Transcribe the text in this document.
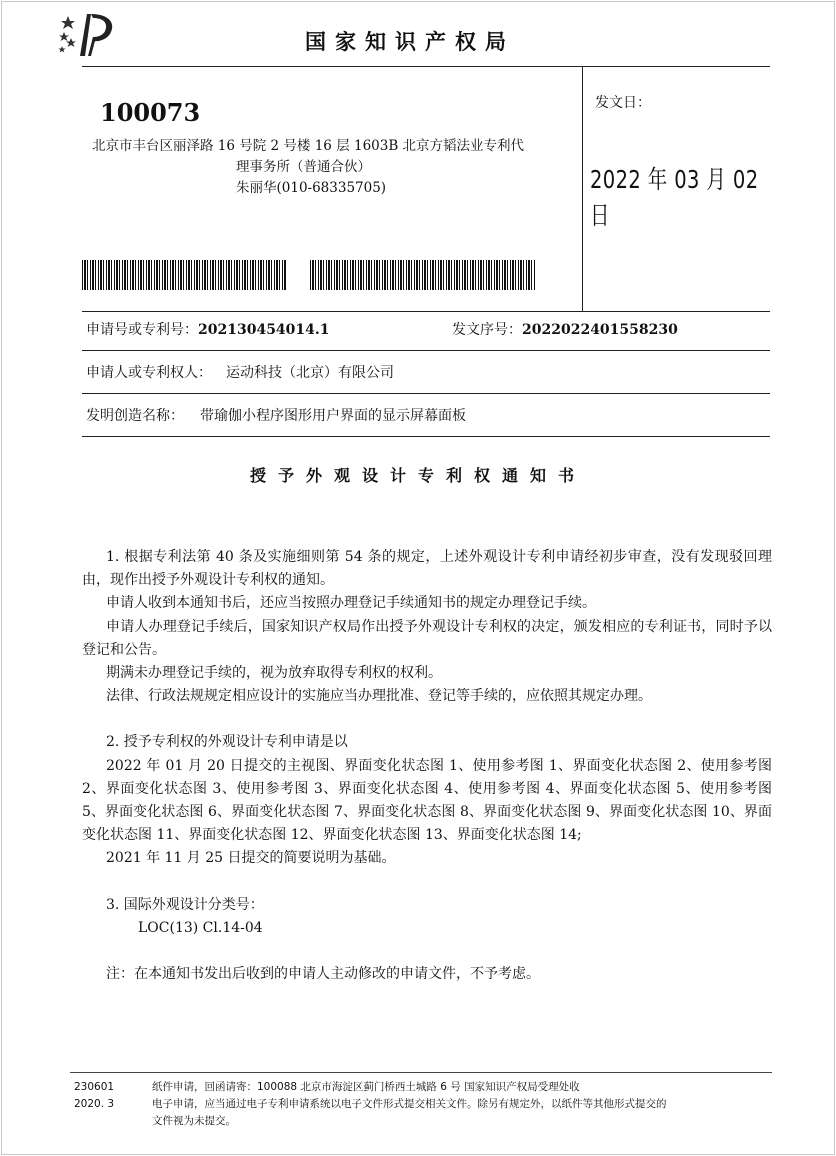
国家知识产权局
100073
北京市丰台区丽泽路 16 号院 2 号楼 16 层 1603B 北京方韬法业专利代
理事务所（普通合伙）
朱丽华(010-68335705)
发文日：
2022 年 03 月 02 日
申请号或专利号：202130454014.1	发文序号：2022022401558230
申请人或专利权人： 运动科技（北京）有限公司
发明创造名称： 带瑜伽小程序图形用户界面的显示屏幕面板
授予外观设计专利权通知书

1. 根据专利法第 40 条及实施细则第 54 条的规定，上述外观设计专利申请经初步审查，没有发现驳回理由，现作出授予外观设计专利权的通知。

申请人收到本通知书后，还应当按照办理登记手续通知书的规定办理登记手续。

申请人办理登记手续后，国家知识产权局作出授予外观设计专利权的决定，颁发相应的专利证书，同时予以登记和公告。

期满未办理登记手续的，视为放弃取得专利权的权利。

法律、行政法规规定相应设计的实施应当办理批准、登记等手续的，应依照其规定办理。

2. 授予专利权的外观设计专利申请是以

2022 年 01 月 20 日提交的主视图、界面变化状态图 1、使用参考图 1、界面变化状态图 2、使用参考图 2、界面变化状态图 3、使用参考图 3、界面变化状态图 4、使用参考图 4、界面变化状态图 5、使用参考图 5、界面变化状态图 6、界面变化状态图 7、界面变化状态图 8、界面变化状态图 9、界面变化状态图 10、界面变化状态图 11、界面变化状态图 12、界面变化状态图 13、界面变化状态图 14;

2021 年 11 月 25 日提交的简要说明为基础。

3. 国际外观设计分类号：

LOC(13) Cl.14-04

注：在本通知书发出后收到的申请人主动修改的申请文件，不予考虑。

230601
2020. 3
纸件申请，回函请寄：100088 北京市海淀区蓟门桥西土城路 6 号 国家知识产权局受理处收
电子申请，应当通过电子专利申请系统以电子文件形式提交相关文件。除另有规定外，以纸件等其他形式提交的
文件视为未提交。
